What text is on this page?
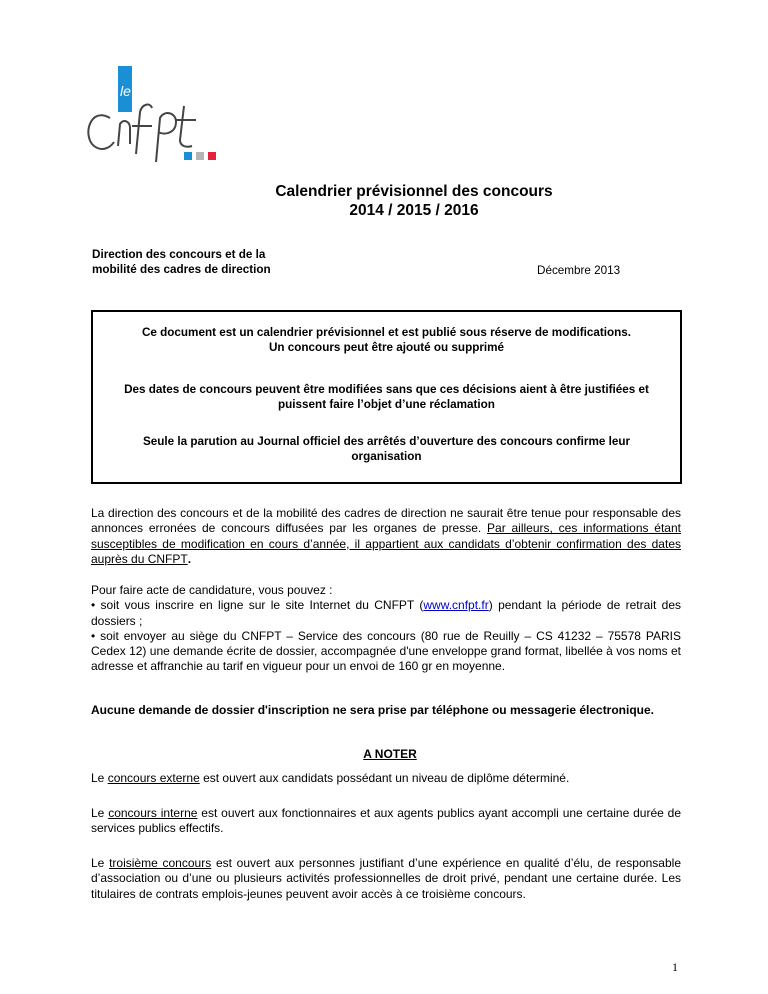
le
Calendrier prévisionnel des concours
2014 / 2015 / 2016
Direction des concours et de la
mobilité des cadres de direction	Décembre 2013

Ce document est un calendrier prévisionnel et est publié sous réserve de modifications.
Un concours peut être ajouté ou supprimé

Des dates de concours peuvent être modifiées sans que ces décisions aient à être justifiées et puissent faire l’objet d’une réclamation

Seule la parution au Journal officiel des arrêtés d’ouverture des concours confirme leur organisation

La direction des concours et de la mobilité des cadres de direction ne saurait être tenue pour responsable des annonces erronées de concours diffusées par les organes de presse. Par ailleurs, ces informations étant susceptibles de modification en cours d’année, il appartient aux candidats d’obtenir confirmation des dates auprès du CNFPT.
Pour faire acte de candidature, vous pouvez :
• soit vous inscrire en ligne sur le site Internet du CNFPT (www.cnfpt.fr) pendant la période de retrait des dossiers ;
• soit envoyer au siège du CNFPT – Service des concours (80 rue de Reuilly – CS 41232 – 75578 PARIS Cedex 12) une demande écrite de dossier, accompagnée d'une enveloppe grand format, libellée à vos noms et adresse et affranchie au tarif en vigueur pour un envoi de 160 gr en moyenne.
Aucune demande de dossier d'inscription ne sera prise par téléphone ou messagerie électronique.
A NOTER
Le concours externe est ouvert aux candidats possédant un niveau de diplôme déterminé.
Le concours interne est ouvert aux fonctionnaires et aux agents publics ayant accompli une certaine durée de services publics effectifs.
Le troisième concours est ouvert aux personnes justifiant d’une expérience en qualité d’élu, de responsable d’association ou d’une ou plusieurs activités professionnelles de droit privé, pendant une certaine durée. Les titulaires de contrats emplois-jeunes peuvent avoir accès à ce troisième concours.
1
